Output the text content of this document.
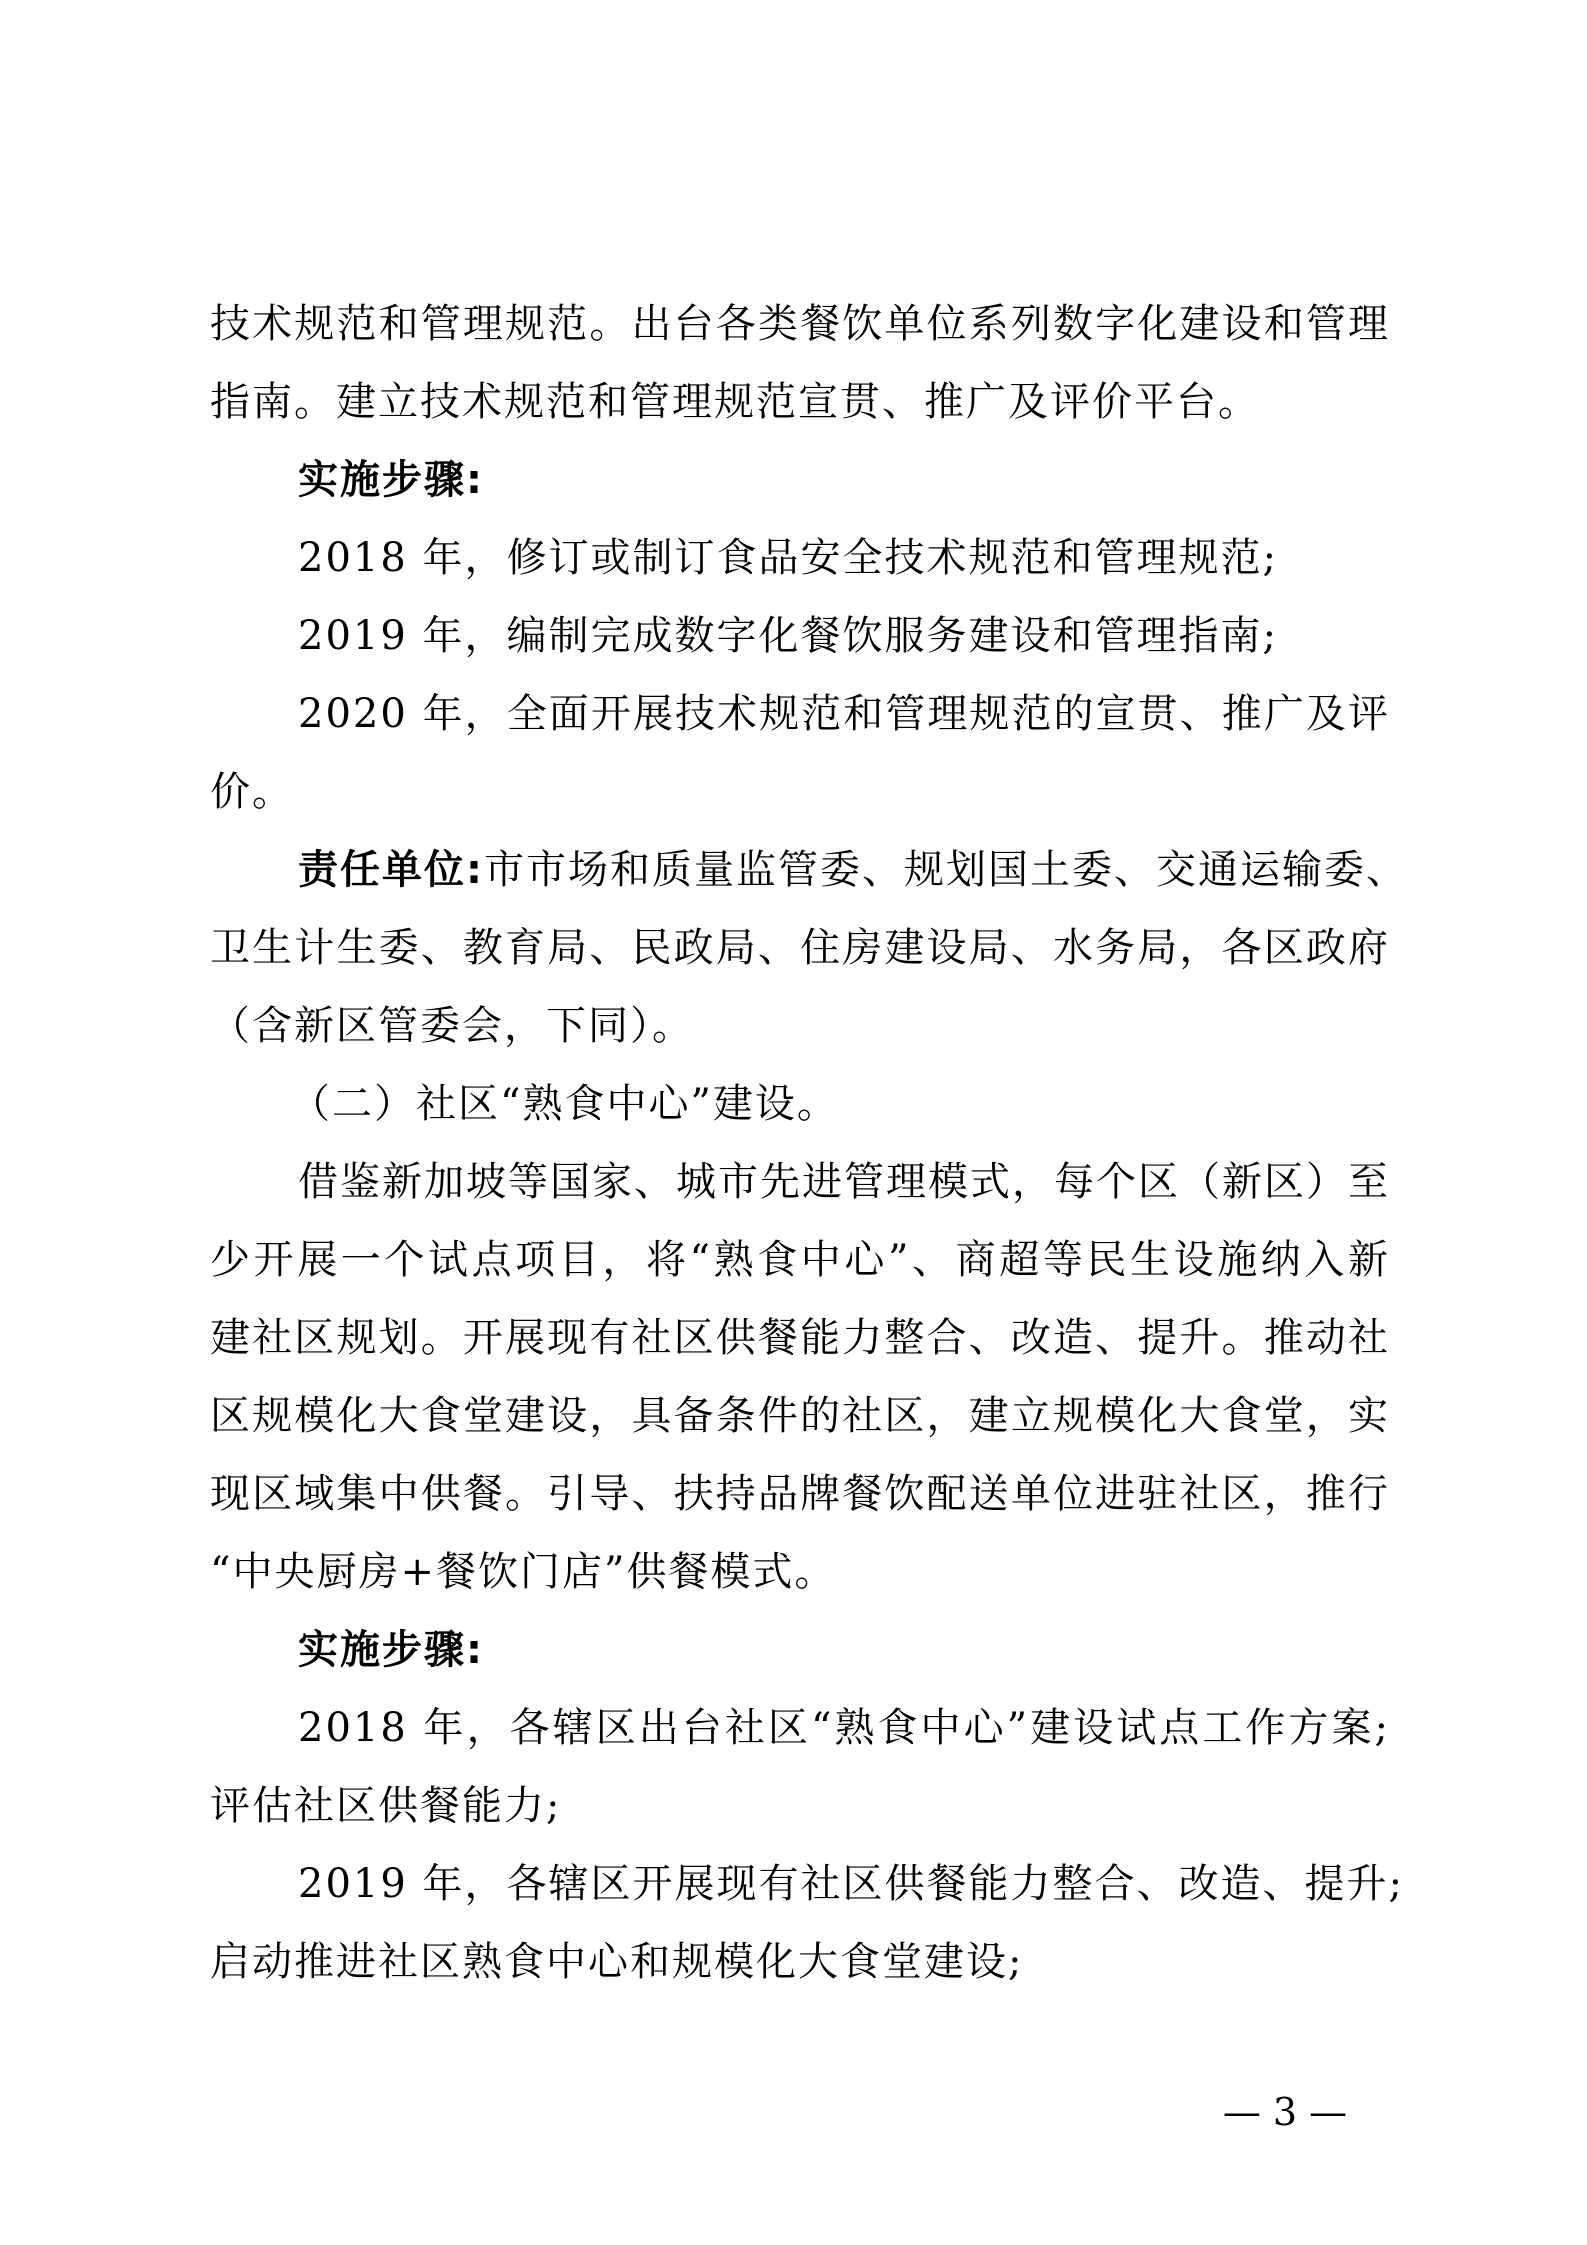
技术规范和管理规范。出台各类餐饮单位系列数字化建设和管理

指南。建立技术规范和管理规范宣贯、推广及评价平台。

实施步骤:

2018 年，修订或制订食品安全技术规范和管理规范;

2019 年，编制完成数字化餐饮服务建设和管理指南;

2020 年，全面开展技术规范和管理规范的宣贯、推广及评

价。

责任单位:市市场和质量监管委、规划国土委、交通运输委、

卫生计生委、教育局、民政局、住房建设局、水务局，各区政府

（含新区管委会，下同）。

（二）社区“熟食中心”建设。

借鉴新加坡等国家、城市先进管理模式，每个区（新区）至

少开展一个试点项目，将“熟食中心”、商超等民生设施纳入新

建社区规划。开展现有社区供餐能力整合、改造、提升。推动社

区规模化大食堂建设，具备条件的社区，建立规模化大食堂，实

现区域集中供餐。引导、扶持品牌餐饮配送单位进驻社区，推行

“中央厨房+餐饮门店”供餐模式。

实施步骤:

2018 年，各辖区出台社区“熟食中心”建设试点工作方案;

评估社区供餐能力;

2019 年，各辖区开展现有社区供餐能力整合、改造、提升;

启动推进社区熟食中心和规模化大食堂建设;

— 3 —
